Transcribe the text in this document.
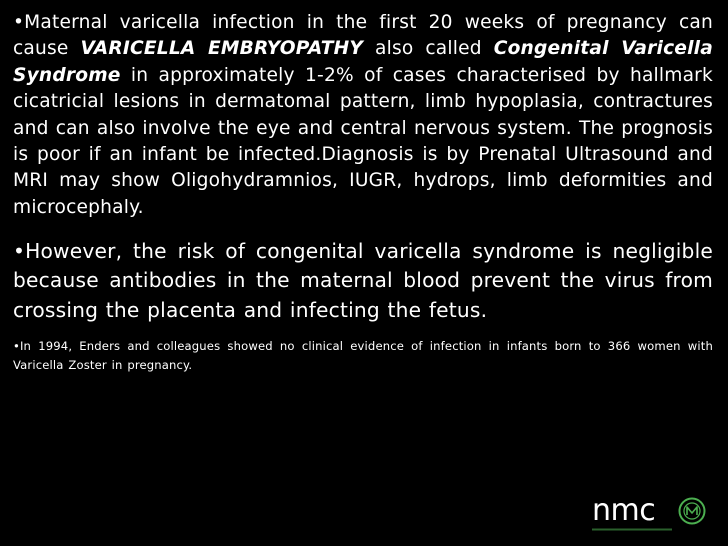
•Maternal varicella infection in the first 20 weeks of pregnancy can cause VARICELLA EMBRYOPATHY also called Congenital Varicella Syndrome in approximately 1-2% of cases characterised by hallmark cicatricial lesions in dermatomal pattern, limb hypoplasia, contractures and can also involve the eye and central nervous system. The prognosis is poor if an infant be infected.Diagnosis is by Prenatal Ultrasound and MRI may show Oligohydramnios, IUGR, hydrops, limb deformities and microcephaly.

•However, the risk of congenital varicella syndrome is negligible because antibodies in the maternal blood prevent the virus from crossing the placenta and infecting the fetus.

•In 1994, Enders and colleagues showed no clinical evidence of infection in infants born to 366 women with Varicella Zoster in pregnancy.

nmc
